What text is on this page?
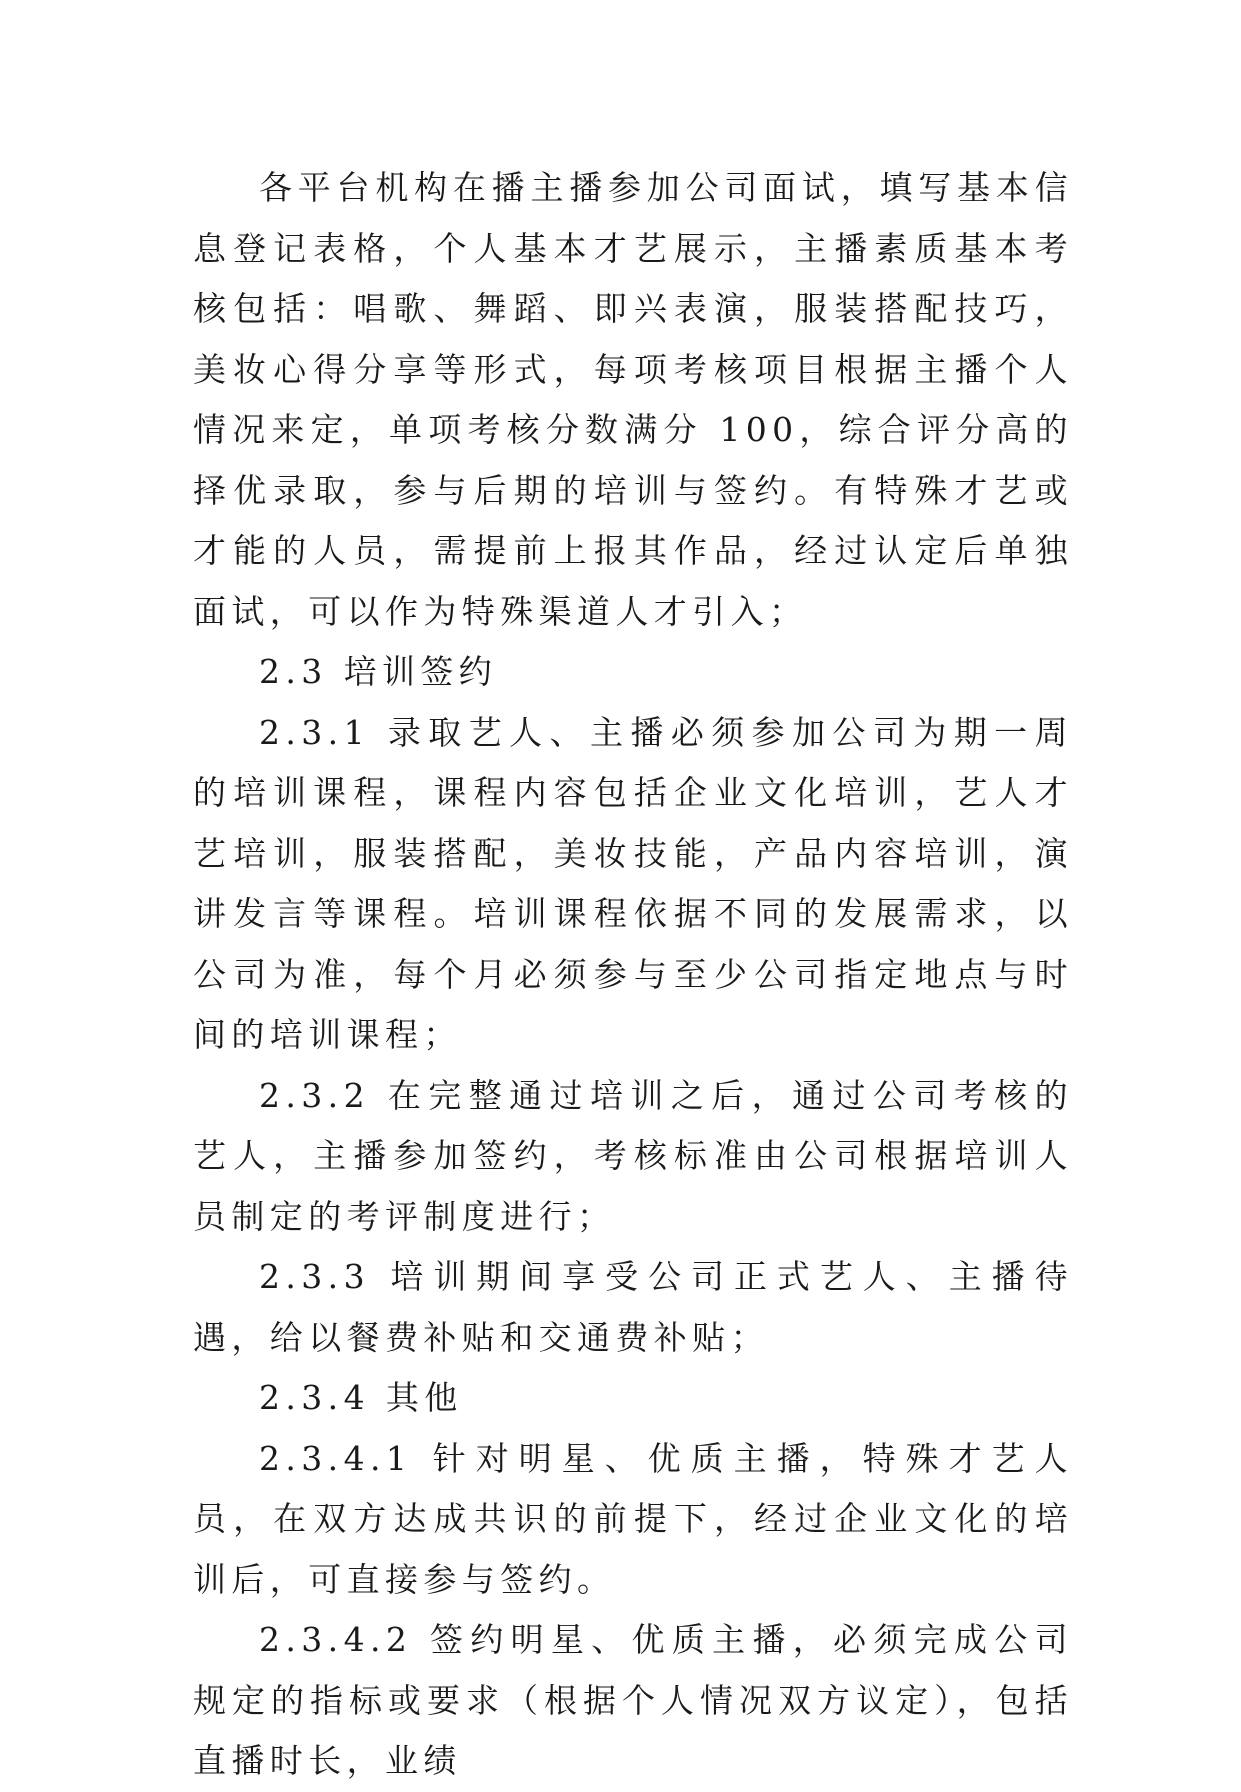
各平台机构在播主播参加公司面试，填写基本信息登记表格，个人基本才艺展示，主播素质基本考核包括：唱歌、舞蹈、即兴表演，服装搭配技巧，美妆心得分享等形式，每项考核项目根据主播个人情况来定，单项考核分数满分 100，综合评分高的择优录取，参与后期的培训与签约。有特殊才艺或才能的人员，需提前上报其作品，经过认定后单独面试，可以作为特殊渠道人才引入；

2.3 培训签约

2.3.1 录取艺人、主播必须参加公司为期一周的培训课程，课程内容包括企业文化培训，艺人才艺培训，服装搭配，美妆技能，产品内容培训，演讲发言等课程。培训课程依据不同的发展需求，以公司为准，每个月必须参与至少公司指定地点与时间的培训课程；

2.3.2 在完整通过培训之后，通过公司考核的艺人，主播参加签约，考核标准由公司根据培训人员制定的考评制度进行；

2.3.3 培训期间享受公司正式艺人、主播待遇，给以餐费补贴和交通费补贴；

2.3.4 其他

2.3.4.1 针对明星、优质主播，特殊才艺人员，在双方达成共识的前提下，经过企业文化的培训后，可直接参与签约。

2.3.4.2 签约明星、优质主播，必须完成公司规定的指标或要求（根据个人情况双方议定），包括直播时长，业绩
